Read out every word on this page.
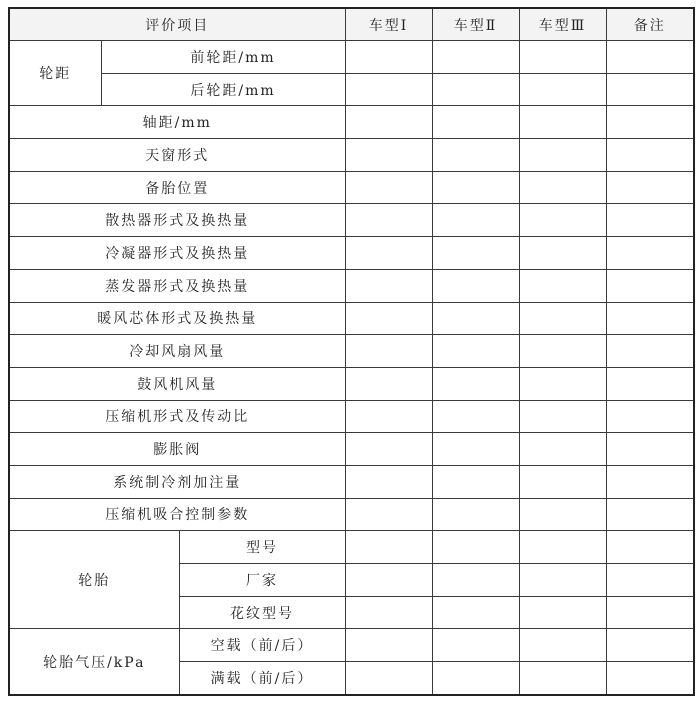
评价项目			车型Ⅰ	车型Ⅱ	车型Ⅲ	备注
轮距	前轮距/mm					
	后轮距/mm					
轴距/mm						
天窗形式						
备胎位置						
散热器形式及换热量						
冷凝器形式及换热量						
蒸发器形式及换热量						
暖风芯体形式及换热量						
冷却风扇风量						
鼓风机风量						
压缩机形式及传动比						
膨胀阀						
系统制冷剂加注量						
压缩机吸合控制参数						
轮胎		型号				
		厂家				
		花纹型号				
轮胎气压/kPa		空载（前/后）				
		满载（前/后）				
